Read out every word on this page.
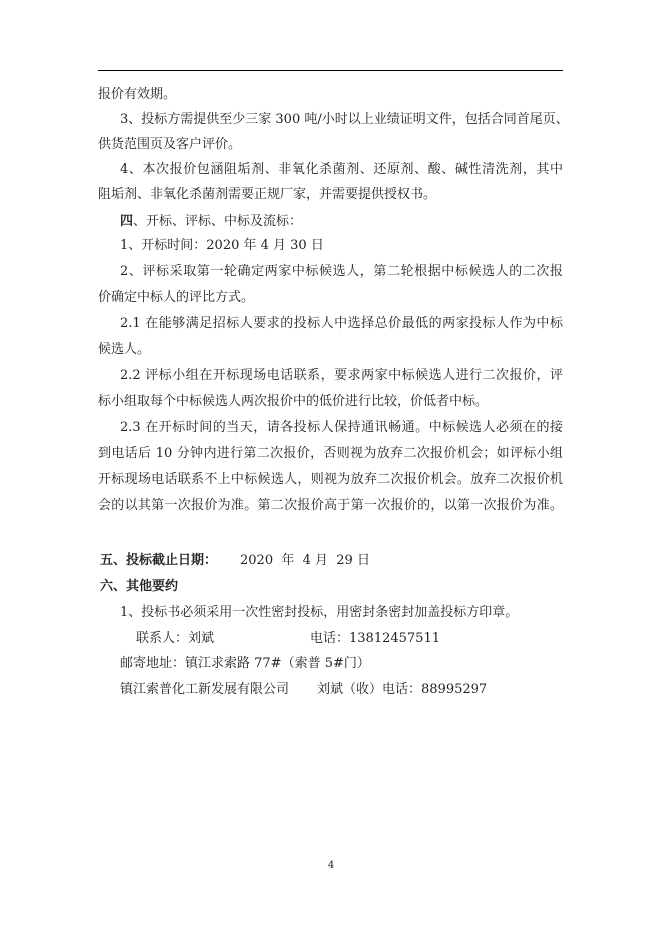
报价有效期。
3、投标方需提供至少三家 300 吨/小时以上业绩证明文件，包括合同首尾页、
供货范围页及客户评价。
4、本次报价包涵阻垢剂、非氧化杀菌剂、还原剂、酸、碱性清洗剂，其中
阻垢剂、非氧化杀菌剂需要正规厂家，并需要提供授权书。
四、开标、评标、中标及流标：
1、开标时间：2020 年 4 月 30 日
2、评标采取第一轮确定两家中标候选人，第二轮根据中标候选人的二次报
价确定中标人的评比方式。
2.1 在能够满足招标人要求的投标人中选择总价最低的两家投标人作为中标
候选人。
2.2 评标小组在开标现场电话联系，要求两家中标候选人进行二次报价，评
标小组取每个中标候选人两次报价中的低价进行比较，价低者中标。
2.3 在开标时间的当天，请各投标人保持通讯畅通。中标候选人必须在的接
到电话后 10 分钟内进行第二次报价，否则视为放弃二次报价机会；如评标小组
开标现场电话联系不上中标候选人，则视为放弃二次报价机会。放弃二次报价机
会的以其第一次报价为准。第二次报价高于第一次报价的，以第一次报价为准。
五、投标截止日期： 2020  年  4 月  29 日
六、其他要约
1、投标书必须采用一次性密封投标，用密封条密封加盖投标方印章。
联系人：刘斌	电话：13812457511
邮寄地址：镇江求索路 77#（索普 5#门）
镇江索普化工新发展有限公司 刘斌（收）电话：88995297
4
